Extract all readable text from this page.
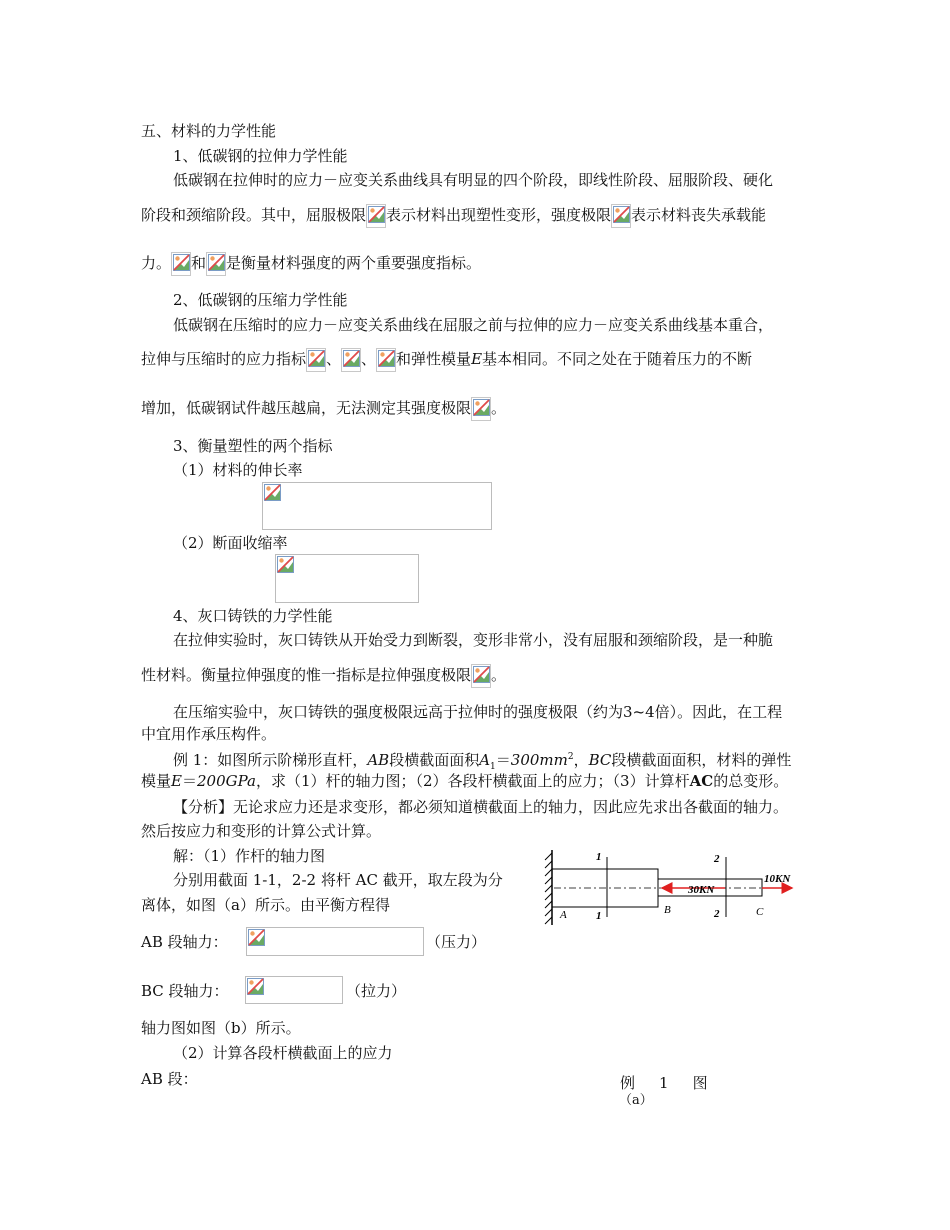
五、材料的力学性能
1、低碳钢的拉伸力学性能
低碳钢在拉伸时的应力－应变关系曲线具有明显的四个阶段，即线性阶段、屈服阶段、硬化
阶段和颈缩阶段。其中，屈服极限 表示材料出现塑性变形，强度极限 表示材料丧失承载能
力。 和 是衡量材料强度的两个重要强度指标。
2、低碳钢的压缩力学性能
低碳钢在压缩时的应力－应变关系曲线在屈服之前与拉伸的应力－应变关系曲线基本重合，
拉伸与压缩时的应力指标 、 、 和弹性模量E基本相同。不同之处在于随着压力的不断
增加，低碳钢试件越压越扁，无法测定其强度极限 。
3、衡量塑性的两个指标
（1）材料的伸长率
（2）断面收缩率
4、灰口铸铁的力学性能
在拉伸实验时，灰口铸铁从开始受力到断裂，变形非常小，没有屈服和颈缩阶段，是一种脆
性材料。衡量拉伸强度的惟一指标是拉伸强度极限 。
在压缩实验中，灰口铸铁的强度极限远高于拉伸时的强度极限（约为3~4倍）。因此，在工程
中宜用作承压构件。
例 1：如图所示阶梯形直杆，AB段横截面面积$A_1=300mm^2$，BC段横截面面积，材料的弹性
模量E＝200GPa，求（1）杆的轴力图；（2）各段杆横截面上的应力；（3）计算杆AC的总变形。
【分析】无论求应力还是求变形，都必须知道横截面上的轴力，因此应先求出各截面的轴力。
然后按应力和变形的计算公式计算。
解：（1）作杆的轴力图
分别用截面 1-1，2-2 将杆 AC 截开，取左段为分
离体，如图（a）所示。由平衡方程得
AB 段轴力：	（压力）
BC 段轴力：	（拉力）
轴力图如图（b）所示。
（2）计算各段杆横截面上的应力
AB 段：
1
1
2
2
A	B	C
30KN
10KN
例 1 图
（a）
